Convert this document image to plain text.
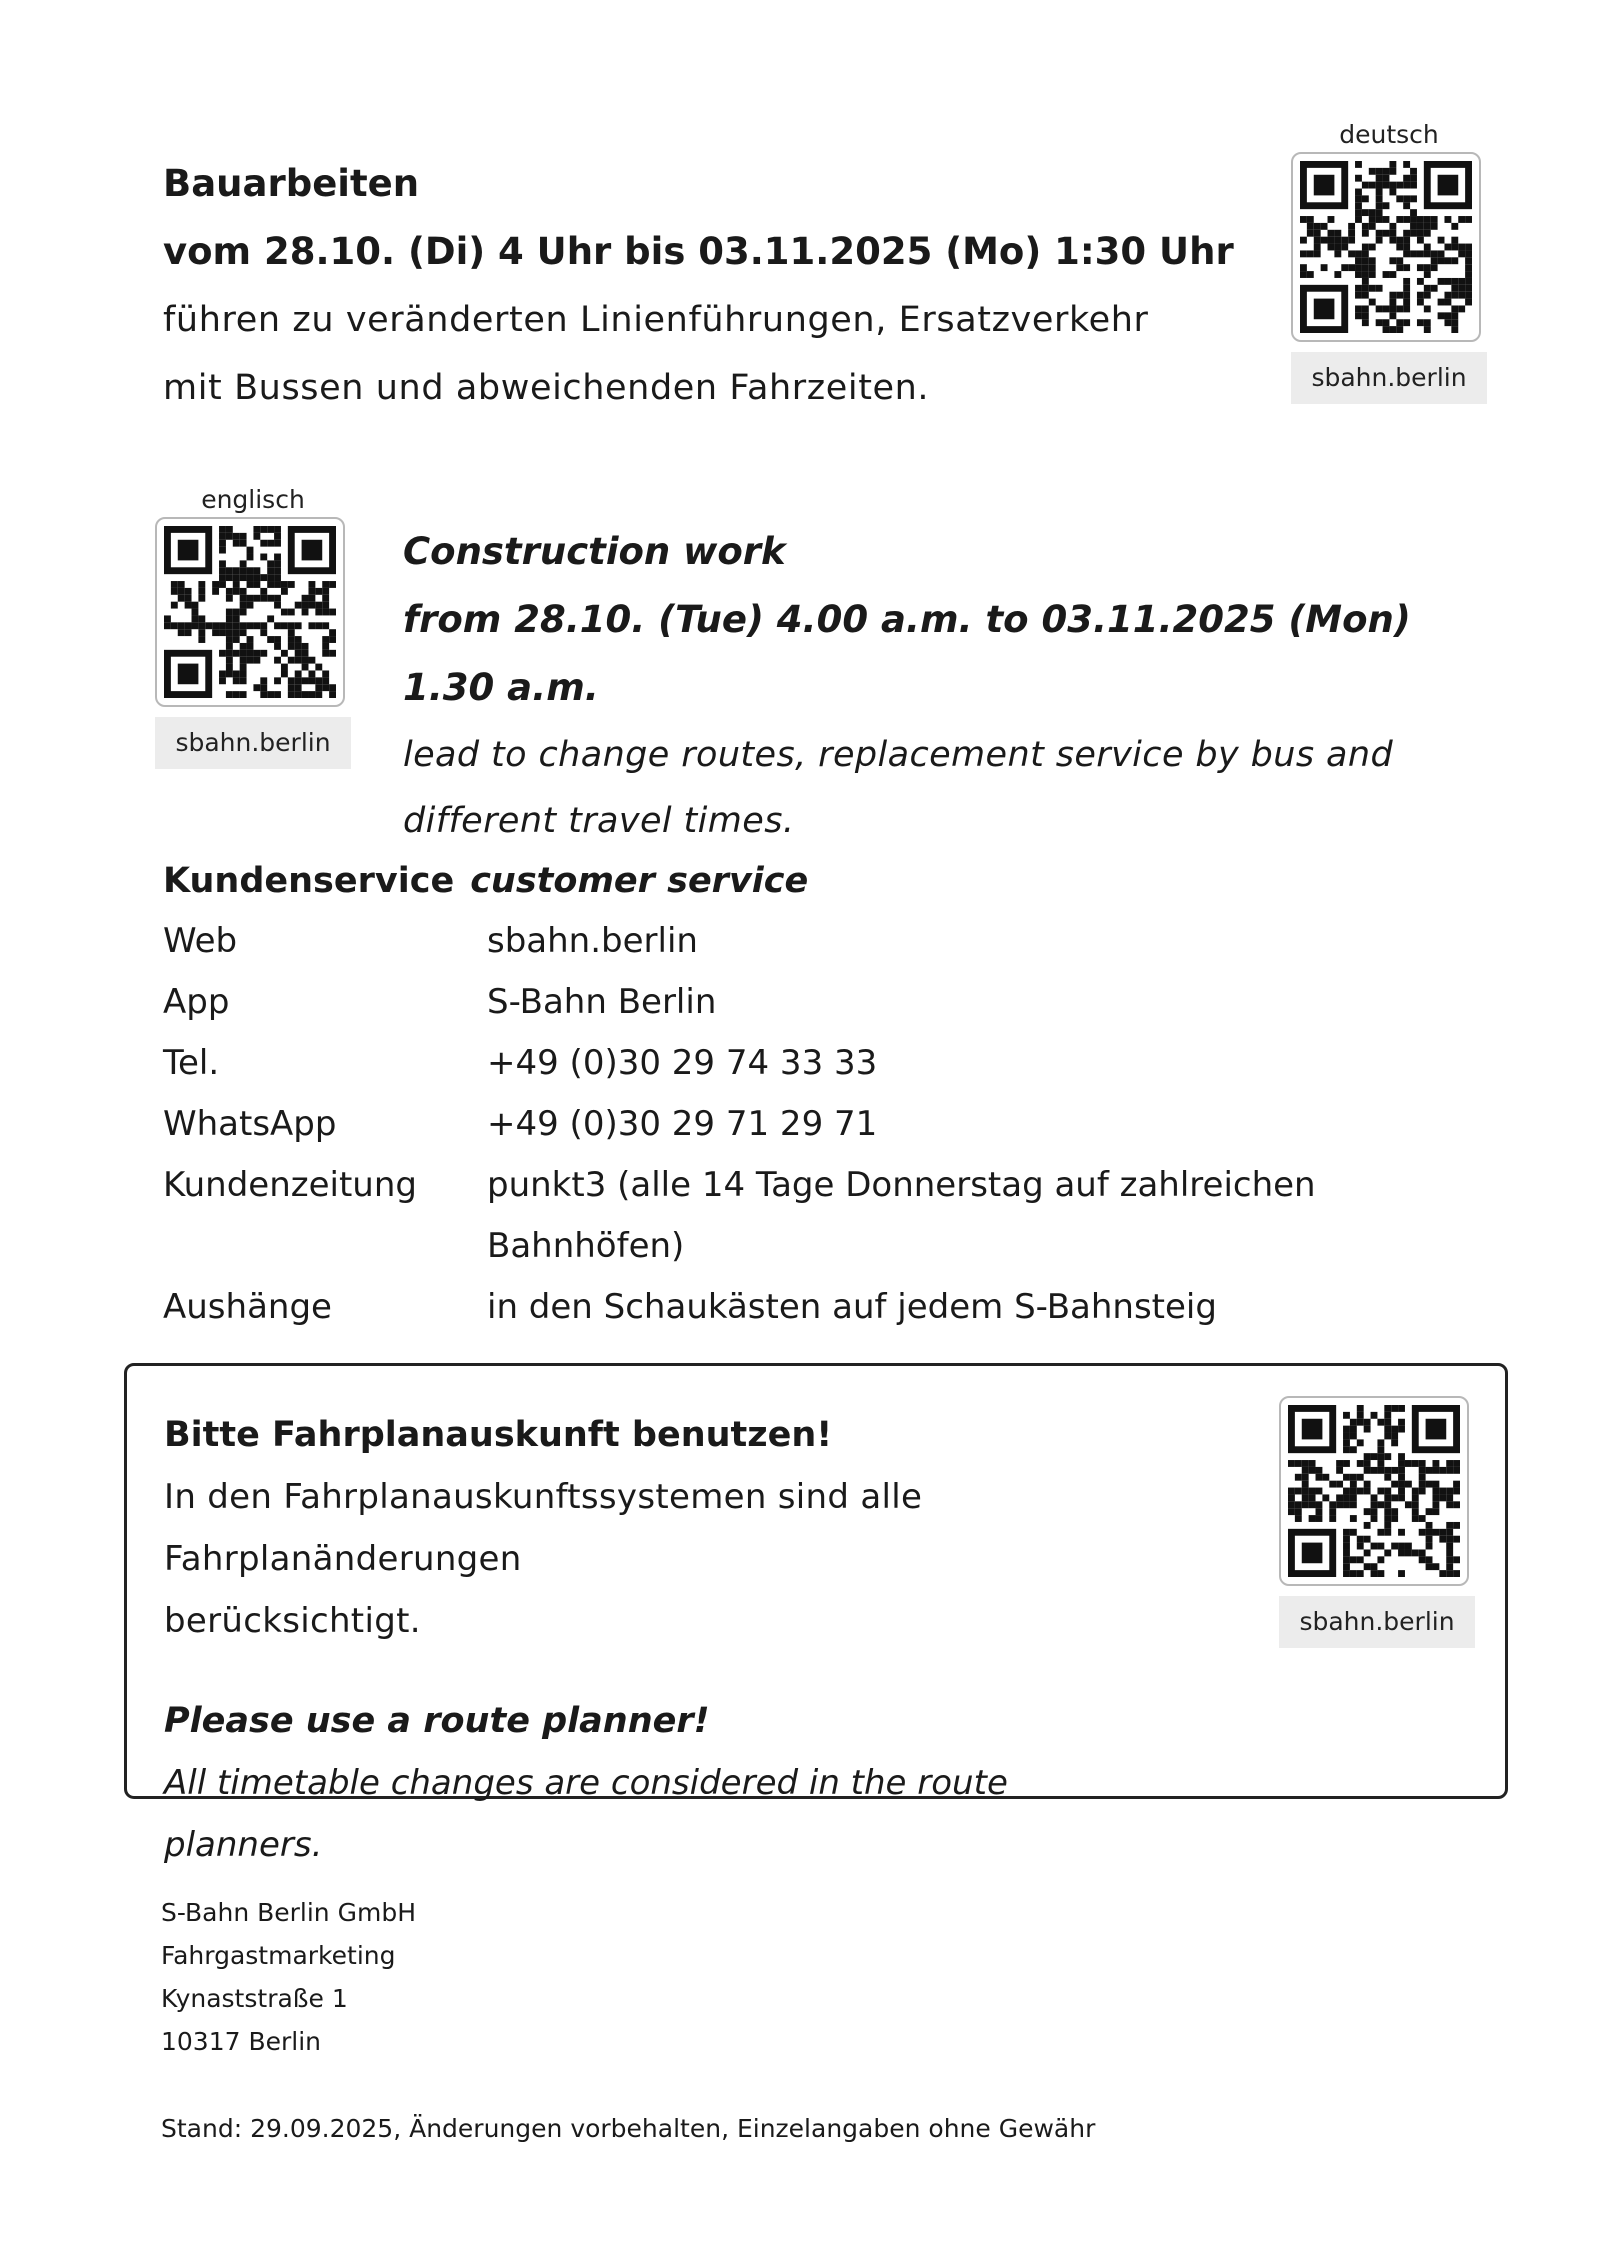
Bauarbeiten
vom 28.10. (Di) 4 Uhr bis 03.11.2025 (Mo) 1:30 Uhr
führen zu veränderten Linienführungen, Ersatzverkehr
mit Bussen und abweichenden Fahrzeiten.
deutsch
sbahn.berlin
englisch
sbahn.berlin
Construction work
from 28.10. (Tue) 4.00 a.m. to 03.11.2025 (Mon) 1.30 a.m.
lead to change routes, replacement service by bus and
different travel times.
Kundenservice customer service
Web	sbahn.berlin
App	S-Bahn Berlin
Tel.	+49 (0)30 29 74 33 33
WhatsApp	+49 (0)30 29 71 29 71
Kundenzeitung	punkt3 (alle 14 Tage Donnerstag auf zahlreichen Bahnhöfen)
Aushänge	in den Schaukästen auf jedem S-Bahnsteig
Bitte Fahrplanauskunft benutzen!
In den Fahrplanauskunftssystemen sind alle Fahrplanänderungen
berücksichtigt.
Please use a route planner!
All timetable changes are considered in the route planners.
sbahn.berlin
S-Bahn Berlin GmbH
Fahrgastmarketing
Kynaststraße 1
10317 Berlin
Stand: 29.09.2025, Änderungen vorbehalten, Einzelangaben ohne Gewähr
